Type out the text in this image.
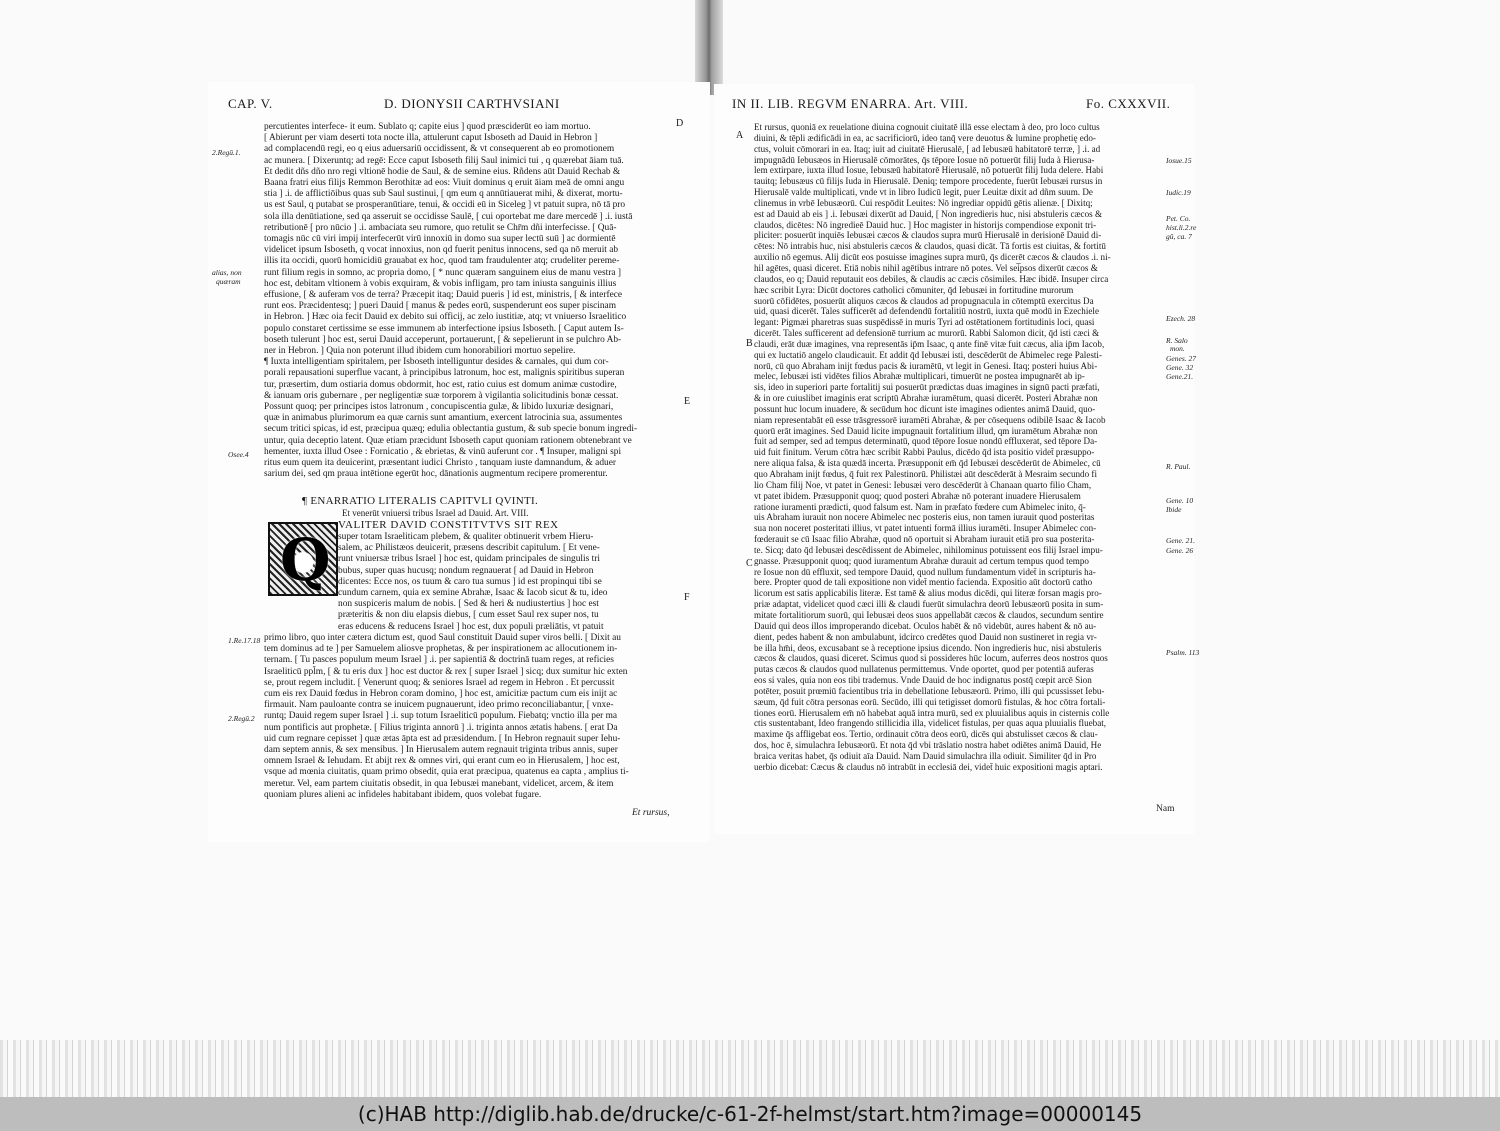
CAP. V.	D. DIONYSII CARTHVSIANI
D
E
F
percutientes interfece- it eum. Sublato q; capite eius ] quod præsciderūt eo iam mortuo.
[ Abierunt per viam deserti tota nocte illa, attulerunt caput Isboseth ad Dauid in Hebron ]
ad complacendū regi, eo q eius aduersariū occidissent, & vt consequerent ab eo promotionem
ac munera. [ Dixeruntq; ad regē: Ecce caput Isboseth filij Saul inimici tui , q quærebat āiam tuā.
Et dedit dñs dño nro regi vltionē hodie de Saul, & de semine eius. Rñdens aūt Dauid Rechab &
Baana fratri eius filijs Remmon Berothitæ ad eos: Viuit dominus q eruit āiam meā de omni angu
stia ] .i. de afflictiōibus quas sub Saul sustinui, [ qm eum q annūtiauerat mihi, & dixerat, mortu-
us est Saul, q putabat se prosperanūtiare, tenui, & occidi eū in Siceleg ] vt patuit supra, nō tā pro
sola illa denūtiatione, sed qa asseruit se occidisse Saulē, [ cui oportebat me dare mercedē ] .i. iustā
retributionē [ pro nūcio ] .i. ambaciata seu rumore, quo retulit se Chr̄m dñi interfecisse. [ Quā-
tomagis nūc cū viri impij interfecerūt virū innoxiū in domo sua super lectū suū ] ac dormientē
videlicet ipsum Isboseth, q vocat innoxius, non qd fuerit penitus innocens, sed qa nō meruit ab
illis ita occidi, quorū homicidiū grauabat ex hoc, quod tam fraudulenter atq; crudeliter pereme-
runt filium regis in somno, ac propria domo, [ * nunc quæram sanguinem eius de manu vestra ]
hoc est, debitam vltionem à vobis exquiram, & vobis infligam, pro tam iniusta sanguinis illius
effusione, [ & auferam vos de terra? Præcepit itaq; Dauid pueris ] id est, ministris, [ & interfece
runt eos. Præcidentesq; ] pueri Dauid [ manus & pedes eorū, suspenderunt eos super piscinam
in Hebron. ] Hæc oia fecit Dauid ex debito sui officij, ac zelo iustitiæ, atq; vt vniuerso Israelitico
populo constaret certissime se esse immunem ab interfectione ipsius Isboseth. [ Caput autem Is-
boseth tulerunt ] hoc est, serui Dauid acceperunt, portauerunt, [ & sepelierunt in se pulchro Ab-
ner in Hebron. ] Quia non poterunt illud ibidem cum honorabiliori mortuo sepelire.
¶ Iuxta intelligentiam spiritalem, per Isboseth intelliguntur desides & carnales, qui dum cor-
porali repausationi superflue vacant, à principibus latronum, hoc est, malignis spiritibus superan
tur, præsertim, dum ostiaria domus obdormit, hoc est, ratio cuius est domum animæ custodire,
& ianuam oris gubernare , per negligentiæ suæ torporem à vigilantia solicitudinis bonæ cessat.
Possunt quoq; per principes istos latronum , concupiscentia gulæ, & libido luxuriæ designari,
quæ in animabus plurimorum ea quæ carnis sunt amantium, exercent latrocinia sua, assumentes
secum tritici spicas, id est, præcipua quæq; edulia oblectantia gustum, & sub specie bonum ingredi-
untur, quia deceptio latent. Quæ etiam præcidunt Isboseth caput quoniam rationem obtenebrant ve
hementer, iuxta illud Osee : Fornicatio , & ebrietas, & vinū auferunt cor . ¶ Insuper, maligni spi
ritus eum quem ita deuicerint, præsentant iudici Christo , tanquam iuste damnandum, & aduer
sarium dei, sed qm praua intētione egerūt hoc, dānationis augmentum recipere promerentur.
¶ ENARRATIO LITERALIS CAPITVLI QVINTI.
Et venerūt vniuersi tribus Israel ad Dauid. Art. VIII.
Q
VALITER DAVID CONSTITVTVS SIT REX
super totam Israeliticam plebem, & qualiter obtinuerit vrbem Hieru-
salem, ac Philistæos deuicerit, præsens describit capitulum. [ Et vene-
runt vniuersæ tribus Israel ] hoc est, quidam principales de singulis tri
bubus, super quas hucusq; nondum regnauerat [ ad Dauid in Hebron
dicentes: Ecce nos, os tuum & caro tua sumus ] id est propinqui tibi se
cundum carnem, quia ex semine Abrahæ, Isaac & Iacob sicut & tu, ideo
non suspiceris malum de nobis. [ Sed & heri & nudiustertius ] hoc est
præteritis & non diu elapsis diebus, [ cum esset Saul rex super nos, tu
eras educens & reducens Israel ] hoc est, dux populi præliātis, vt patuit
primo libro, quo inter cætera dictum est, quod Saul constituit Dauid super viros belli. [ Dixit au
tem dominus ad te ] per Samuelem aliosve prophetas, & per inspirationem ac allocutionem in-
ternam. [ Tu pasces populum meum Israel ] .i. per sapientiā & doctrinā tuam reges, at reficies
Israeliticū ppl̄m, [ & tu eris dux ] hoc est ductor & rex [ super Israel ] sicq; dux sumitur hic exten
se, prout regem includit. [ Venerunt quoq; & seniores Israel ad regem in Hebron . Et percussit
cum eis rex Dauid fœdus in Hebron coram domino, ] hoc est, amicitiæ pactum cum eis inijt ac
firmauit. Nam pauloante contra se inuicem pugnauerunt, ideo primo reconciliabantur, [ vnxe-
runtq; Dauid regem super Israel ] .i. sup totum Israeliticū populum. Fiebatq; vnctio illa per ma
num pontificis aut prophetæ. [ Filius triginta annorū ] .i. triginta annos ætatis habens. [ erat Da
uid cum regnare cepisset ] quæ ætas āpta est ad præsidendum. [ In Hebron regnauit super Iehu-
dam septem annis, & sex mensibus. ] In Hierusalem autem regnauit triginta tribus annis, super
omnem Israel & Iehudam. Et abijt rex & omnes viri, qui erant cum eo in Hierusalem, ] hoc est,
vsque ad mœnia ciuitatis, quam primo obsedit, quia erat præcipua, quatenus ea capta , amplius ti-
meretur. Vel, eam partem ciuitatis obsedit, in qua Iebusæi manebant, videlicet, arcem, & item
quoniam plures alieni ac infideles habitabant ibidem, quos volebat fugare.
Et rursus,
2.Regū.1.
alias, non
quæram
Osee.4
1.Re.17.18
2.Regū.2
IN II. LIB. REGVM ENARRA. Art. VIII.	Fo. CXXXVII.
A
B
C
Et rursus, quoniā ex reuelatione diuina cognouit ciuitatē illā esse electam à deo, pro loco cultus
diuini, & tēpli ædificādi in ea, ac sacrificiorū, ideo tanq̄ vere deuotus & lumine prophetię edo-
ctus, voluit cōmorari in ea. Itaq; iuit ad ciuitatē Hierusalē, [ ad Iebusæū habitatorē terræ, ] .i. ad
impugnādū Iebusæos in Hierusalē cōmorātes, q̄s tēpore Iosue nō potuerūt filij Iuda à Hierusa-
lem extirpare, iuxta illud Iosue, Iebusæū habitatorē Hierusalē, nō potuerūt filij Iuda delere. Habi
tauitq; Iebusæus cū filijs Iuda in Hierusalē. Deniq; tempore procedente, fuerūt Iebusæi rursus in
Hierusalē valde multiplicati, vnde vt in libro Iudicū legit, puer Leuitæ dixit ad dñm suum. De
clinemus in vrbē Iebusæorū. Cui respōdit Leuites: Nō ingrediar oppidū gētis alienæ. [ Dixitq;
est ad Dauid ab eis ] .i. Iebusæi dixerūt ad Dauid, [ Non ingredieris huc, nisi abstuleris cæcos &
claudos, dicētes: Nō ingredieē Dauid huc. ] Hoc magister in historijs compendiose exponit tri-
pliciter: posuerūt inquiēs Iebusæi cæcos & claudos supra murū Hierusalē in derisionē Dauid di-
cētes: Nō intrabis huc, nisi abstuleris cæcos & claudos, quasi dicāt. Tā fortis est ciuitas, & fortitū
auxilio nō egemus. Alij dicūt eos posuisse imagines supra murū, q̄s dicerēt cæcos & claudos .i. ni-
hil agētes, quasi diceret. Etiā nobis nihil agētibus intrare nō potes. Vel sei̅psos dixerūt cæcos &
claudos, eo q; Dauid reputauit eos debiles, & claudis ac cæcis cōsimiles. Hæc ibidē. Insuper circa
hæc scribit Lyra: Dicūt doctores catholici cōmuniter, q̄d Iebusæi in fortitudine murorum
suorū cōfidētes, posuerūt aliquos cæcos & claudos ad propugnacula in cōtemptū exercitus Da
uid, quasi dicerēt. Tales sufficerēt ad defendendū fortalitiū nostrū, iuxta quē modū in Ezechiele
legant: Pigmæi pharetras suas suspēdissē in muris Tyri ad ostētationem fortitudinis loci, quasi
dicerēt. Tales sufficerent ad defensionē turrium ac murorū. Rabbi Salomon dicit, q̄d isti cæci &
claudi, erāt duæ imagines, vna representās ip̄m Isaac, q ante finē vitæ fuit cæcus, alia ip̄m Iacob,
qui ex luctatiō angelo claudicauit. Et addit q̄d Iebusæi isti, descēderūt de Abimelec rege Palesti-
norū, cū quo Abraham inijt fœdus pacis & iuramētū, vt legit in Genesi. Itaq; posteri huius Abi-
melec, Iebusæi isti vidētes filios Abrahæ multiplicari, timuerūt ne postea impugnarēt ab ip-
sis, ideo in superiori parte fortalitij sui posuerūt prædictas duas imagines in signū pacti præfati,
& in ore cuiuslibet imaginis erat scriptū Abrahæ iuramētum, quasi dicerēt. Posteri Abrahæ non
possunt huc locum inuadere, & secūdum hoc dicunt iste imagines odientes animā Dauid, quo-
niam representabāt eū esse trāsgressorē iuramēti Abrahæ, & per cōsequens odibilē Isaac & Iacob
quorū erāt imagines. Sed Dauid licite impugnauit fortalitium illud, qm iuramētum Abrahæ non
fuit ad semper, sed ad tempus determinatū, quod tēpore Iosue nondū effluxerat, sed tēpore Da-
uid fuit finitum. Verum cōtra hæc scribit Rabbi Paulus, dicēdo q̄d ista positio videt̄ præsuppo-
nere aliqua falsa, & ista quædā incerta. Præsupponit em̄ q̄d Iebusæi descēderūt de Abimelec, cū
quo Abraham inijt fœdus, q̄ fuit rex Palestinorū. Philistæi aūt descēderāt à Mesraim secundo fi
lio Cham filij Noe, vt patet in Genesi: Iebusæi vero descēderūt à Chanaan quarto filio Cham,
vt patet ibidem. Præsupponit quoq; quod posteri Abrahæ nō poterant inuadere Hierusalem
ratione iuramenti prædicti, quod falsum est. Nam in præfato fœdere cum Abimelec inito, q̄-
uis Abraham iurauit non nocere Abimelec nec posteris eius, non tamen iurauit quod posteritas
sua non noceret posteritati illius, vt patet intuenti formā illius iuramēti. Insuper Abimelec con-
fœderauit se cū Isaac filio Abrahæ, quod nō oportuit si Abraham iurauit etiā pro sua posterita-
te. Sicq; dato q̄d Iebusæi descēdissent de Abimelec, nihilominus potuissent eos filij Israel impu-
gnasse. Præsupponit quoq; quod iuramentum Abrahæ durauit ad certum tempus quod tempo
re Iosue non dū effluxit, sed tempore Dauid, quod nullum fundamentum videt̄ in scripturis ha-
bere. Propter quod de tali expositione non videt̄ mentio facienda. Expositio aūt doctorū catho
licorum est satis applicabilis literæ. Est tamē & alius modus dicēdi, qui literæ forsan magis pro-
priæ adaptat, videlicet quod cæci illi & claudi fuerūt simulachra deorū Iebusæorū posita in sum-
mitate fortalitiorum suorū, qui Iebusæi deos suos appellabāt cæcos & claudos, secundum sentire
Dauid qui deos illos improperando dicebat. Oculos habēt & nō videbūt, aures habent & nō au-
dient, pedes habent & non ambulabunt, idcirco credētes quod Dauid non sustineret in regia vr-
be illa hm̄i, deos, excusabant se à receptione ipsius dicendo. Non ingredieris huc, nisi abstuleris
cæcos & claudos, quasi diceret. Scimus quod si possideres hūc locum, auferres deos nostros quos
putas cæcos & claudos quod nullatenus permittemus. Vnde oportet, quod per potentiā auferas
eos si vales, quia non eos tibi trademus. Vnde Dauid de hoc indignatus postq̄ cœpit arcē Sion
potēter, posuit prœmiū facientibus tria in debellatione Iebusæorū. Primo, illi qui pcussisset Iebu-
sæum, q̄d fuit cōtra personas eorū. Secūdo, illi qui tetigisset domorū fistulas, & hoc cōtra fortali-
tiones eorū. Hierusalem em̄ nō habebat aquā intra murū, sed ex pluuialibus aquis in cisternis colle
ctis sustentabant, Ideo frangendo stillicidia illa, videlicet fistulas, per quas aqua pluuialis fluebat,
maxime q̄s affligebat eos. Tertio, ordinauit cōtra deos eorū, dicēs qui abstulisset cæcos & clau-
dos, hoc ē, simulachra Iebusæorū. Et nota q̄d vbi trāslatio nostra habet odiētes animā Dauid, He
braica veritas habet, q̄s odiuit aīa Dauid. Nam Dauid simulachra illa odiuit. Similiter q̄d in Pro
uerbio dicebat: Cæcus & claudus nō intrabūt in ecclesiā dei, videt̄ huic expositioni magis aptari.
Nam
Iosue.15
Iudic.19
Pet. Co.
hist.li.2.re
gū, ca. 7
Ezech. 28
R. Salo
mon.
Genes. 27
Gene. 32
Gene.21.
R. Paul.
Gene. 10
Ibide
Gene. 21.
Gene. 26
Psalm. 113
(c)HAB http://diglib.hab.de/drucke/c-61-2f-helmst/start.htm?image=00000145
